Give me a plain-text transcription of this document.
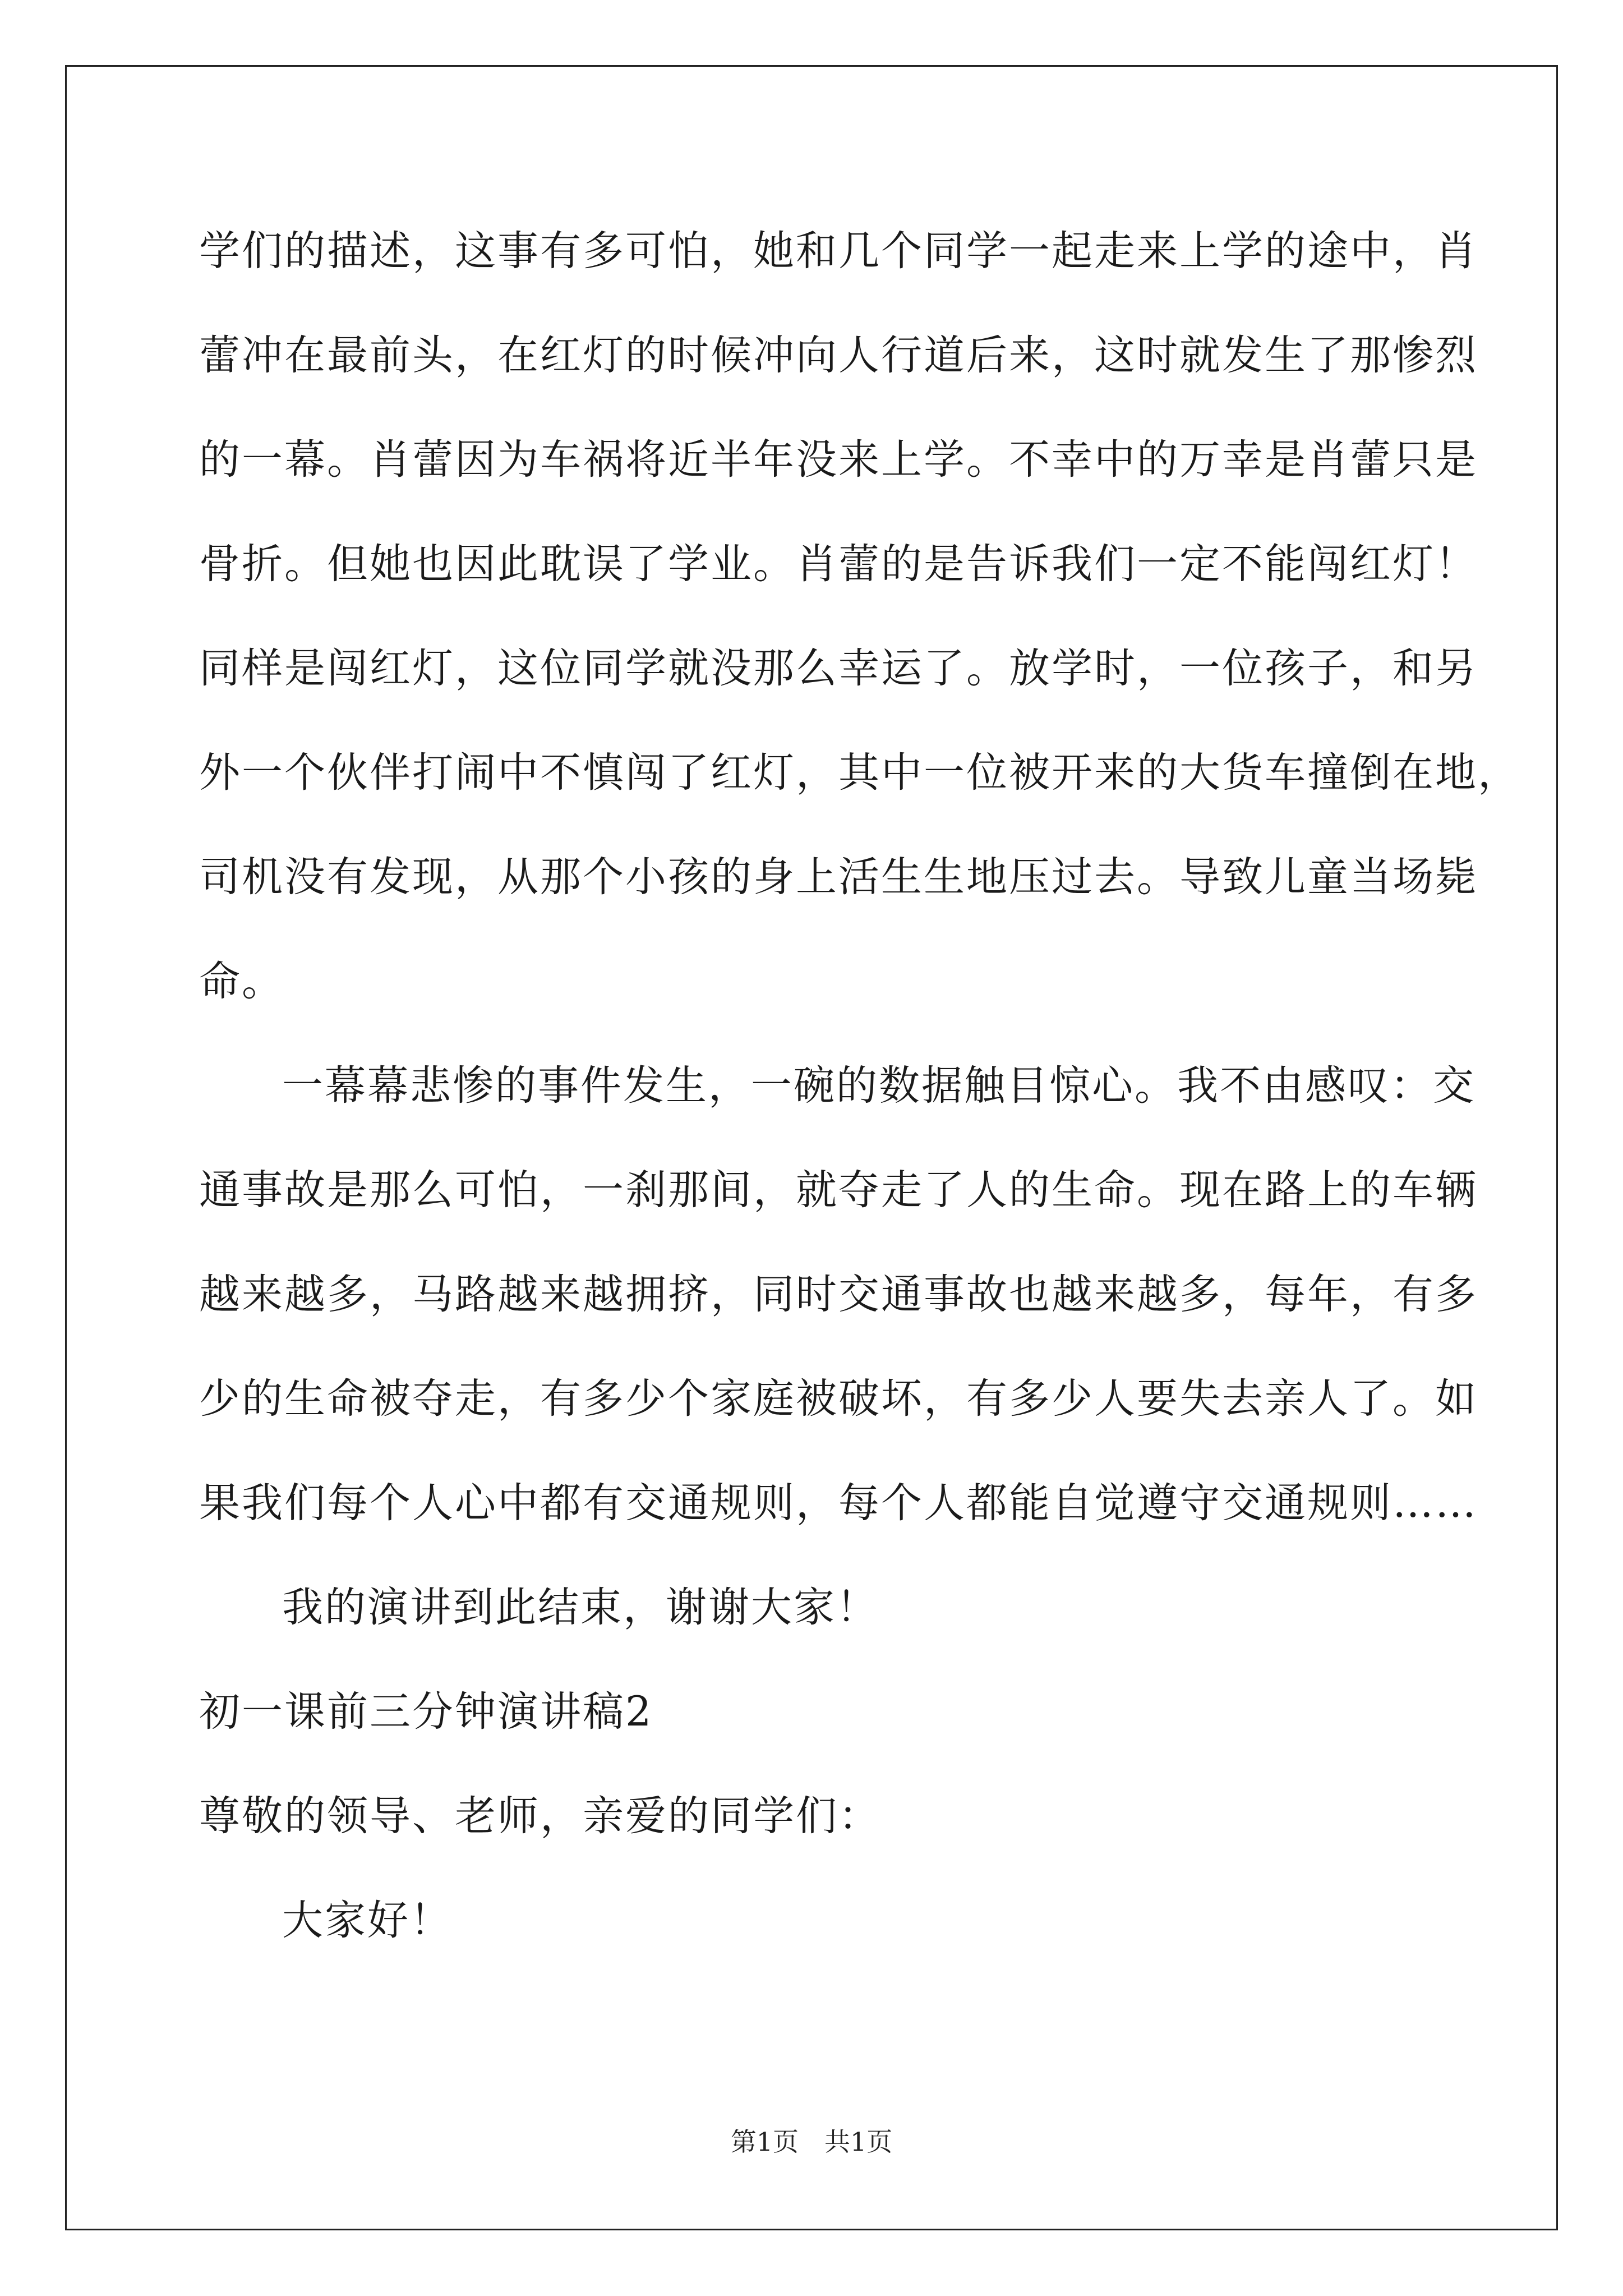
学们的描述，这事有多可怕，她和几个同学一起走来上学的途中，肖
蕾冲在最前头，在红灯的时候冲向人行道后来，这时就发生了那惨烈
的一幕。肖蕾因为车祸将近半年没来上学。不幸中的万幸是肖蕾只是
骨折。但她也因此耽误了学业。肖蕾的是告诉我们一定不能闯红灯！
同样是闯红灯，这位同学就没那么幸运了。放学时，一位孩子，和另
外一个伙伴打闹中不慎闯了红灯，其中一位被开来的大货车撞倒在地，
司机没有发现，从那个小孩的身上活生生地压过去。导致儿童当场毙
命。
一幕幕悲惨的事件发生，一碗的数据触目惊心。我不由感叹：交
通事故是那么可怕，一刹那间，就夺走了人的生命。现在路上的车辆
越来越多，马路越来越拥挤，同时交通事故也越来越多，每年，有多
少的生命被夺走，有多少个家庭被破坏，有多少人要失去亲人了。如
果我们每个人心中都有交通规则，每个人都能自觉遵守交通规则……
我的演讲到此结束，谢谢大家！
初一课前三分钟演讲稿2
尊敬的领导、老师，亲爱的同学们：
大家好！
第1页 共1页
